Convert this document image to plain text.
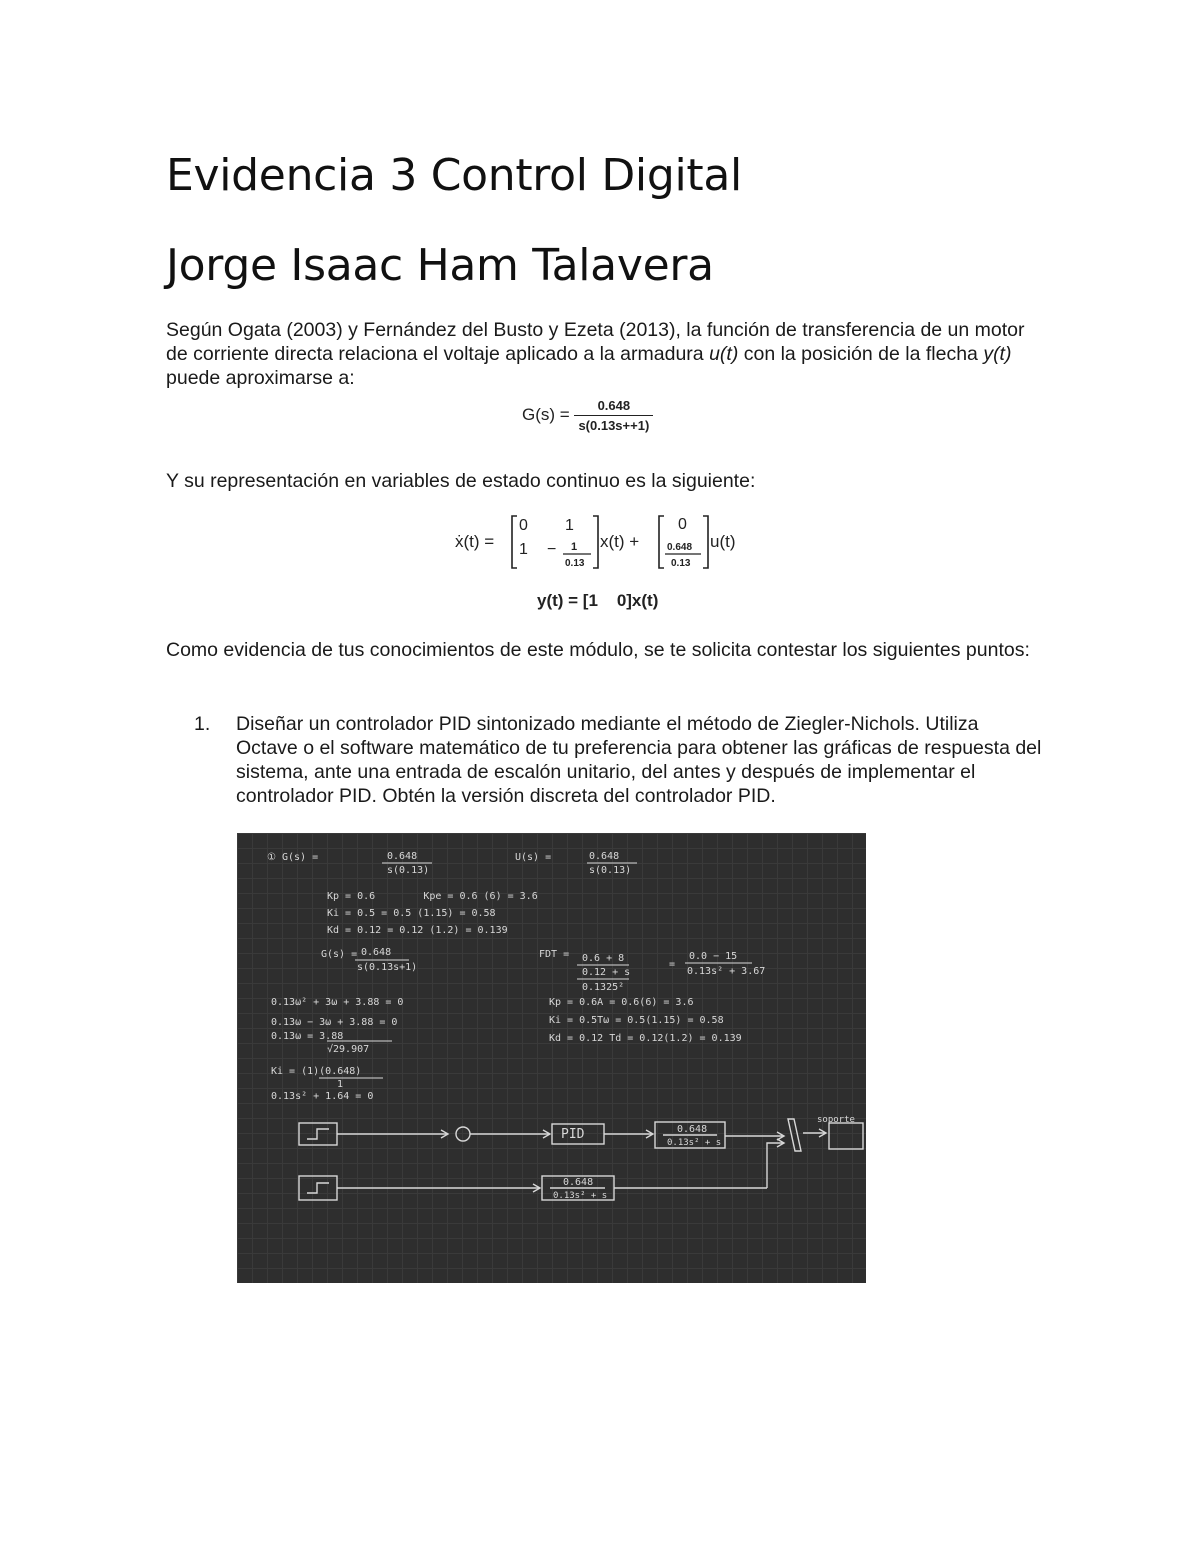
Evidencia 3 Control Digital
Jorge Isaac Ham Talavera

Según Ogata (2003) y Fernández del Busto y Ezeta (2013), la función de transferencia de un motor de corriente directa relaciona el voltaje aplicado a la armadura u(t) con la posición de la flecha y(t) puede aproximarse a:

$G(s) = \frac{0.648}{s(0.13s++1)}$

Y su representación en variables de estado continuo es la siguiente:

ẋ(t) =
0 1
1 − 1
0.13
x(t) +
0
0.648
0.13
u(t)
y(t) = [1    0]x(t)

Como evidencia de tus conocimientos de este módulo, se te solicita contestar los siguientes puntos:

1. Diseñar un controlador PID sintonizado mediante el método de Ziegler-Nichols. Utiliza Octave o el software matemático de tu preferencia para obtener las gráficas de respuesta del sistema, ante una entrada de escalón unitario, del antes y después de implementar el controlador PID. Obtén la versión discreta del controlador PID.
① G(s) =	0.648
s(0.13)
U(s) =	0.648
s(0.13)
Kp = 0.6        Kpe = 0.6 (6) = 3.6
Ki = 0.5 = 0.5 (1.15) = 0.58
Kd = 0.12 = 0.12 (1.2) = 0.139
G(s) = 0.648
s(0.13s+1)
FDT = 0.6 + 8
0.12 + s
0.1325²
=
0.0 − 15
0.13s² + 3.67
0.13ω² + 3ω + 3.88 = 0
0.13ω − 3ω + 3.88 = 0
0.13ω = 3.88
√29.907
Kp = 0.6A = 0.6(6) = 3.6
Ki = 0.5Tω = 0.5(1.15) = 0.58
Kd = 0.12 Td = 0.12(1.2) = 0.139
Ki = (1)(0.648)
1
0.13s² + 1.64 = 0
PID	0.648
0.13s² + s
0.648
0.13s² + s
soporte
